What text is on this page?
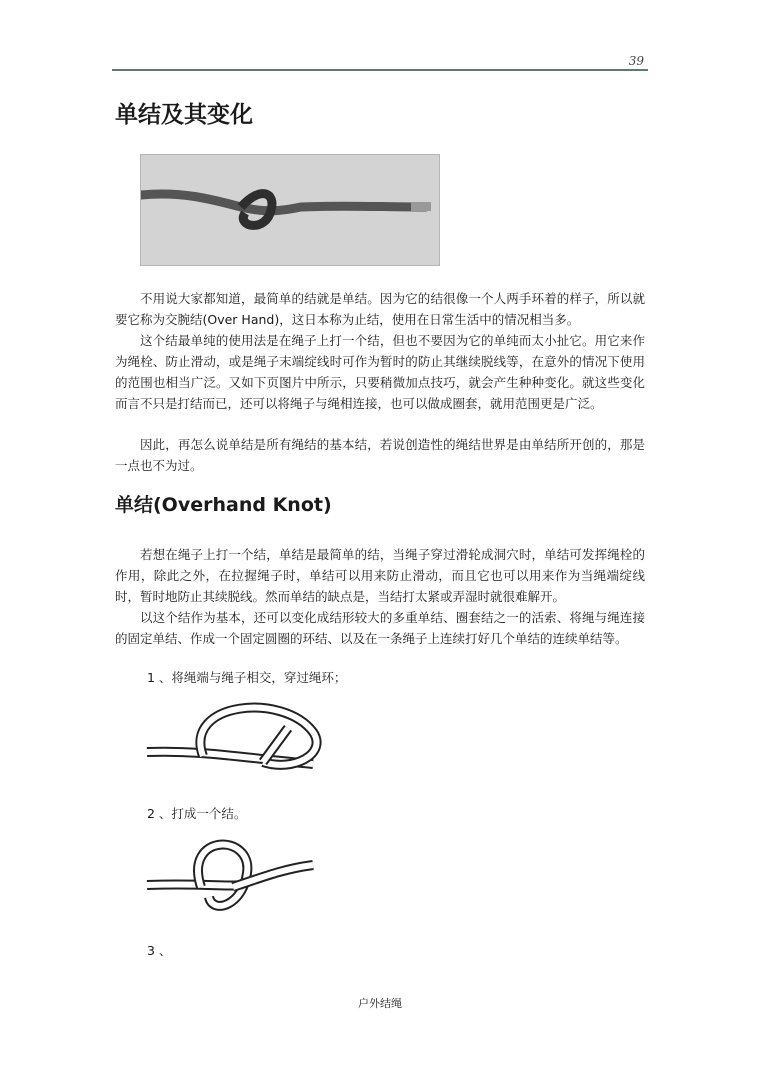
39
单结及其变化

不用说大家都知道，最简单的结就是单结。因为它的结很像一个人两手环着的样子，所以就要它称为交腕结(Over Hand)，这日本称为止结，使用在日常生活中的情况相当多。

这个结最单纯的使用法是在绳子上打一个结，但也不要因为它的单纯而太小扯它。用它来作为绳栓、防止滑动，或是绳子末端绽线时可作为暂时的防止其继续脱线等，在意外的情况下使用的范围也相当广泛。又如下页图片中所示，只要稍微加点技巧，就会产生种种变化。就这些变化而言不只是打结而已，还可以将绳子与绳相连接，也可以做成圈套，就用范围更是广泛。

因此，再怎么说单结是所有绳结的基本结，若说创造性的绳结世界是由单结所开创的，那是一点也不为过。

单结(Overhand Knot)

若想在绳子上打一个结，单结是最简单的结，当绳子穿过滑轮成洞穴时，单结可发挥绳栓的作用，除此之外，在拉握绳子时，单结可以用来防止滑动，而且它也可以用来作为当绳端绽线时，暂时地防止其续脱线。然而单结的缺点是，当结打太紧或弄湿时就很难解开。

以这个结作为基本，还可以变化成结形较大的多重单结、圈套结之一的活索、将绳与绳连接的固定单结、作成一个固定圆圈的环结、以及在一条绳子上连续打好几个单结的连续单结等。

1 、将绳端与绳子相交，穿过绳环；

2 、打成一个结。

3 、

户外结绳
